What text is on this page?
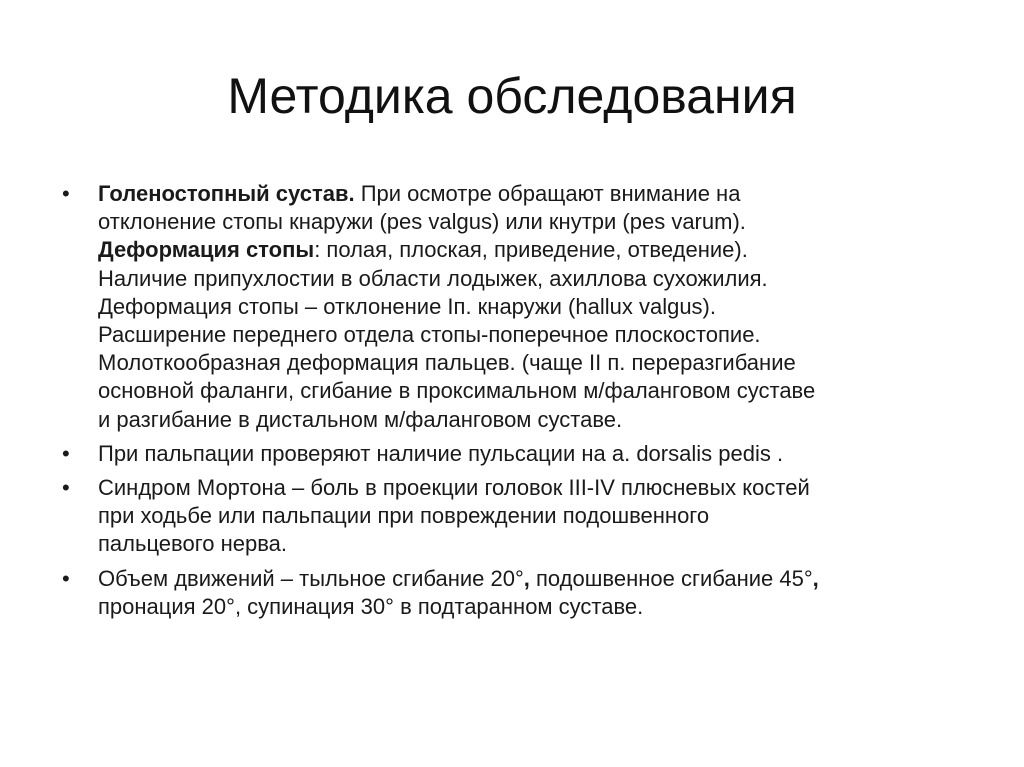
Методика обследования
• Голеностопный сустав. При осмотре обращают внимание на
отклонение стопы кнаружи (pes valgus) или кнутри (pes varum).
Деформация стопы: полая, плоская, приведение, отведение).
Наличие припухлостии в области лодыжек, ахиллова сухожилия.
Деформация стопы – отклонение Iп. кнаружи (hallux valgus).
Расширение переднего отдела стопы-поперечное плоскостопие.
Молоткообразная деформация пальцев. (чаще II п. переразгибание
основной фаланги, сгибание в проксимальном м/фаланговом суставе
и разгибание в дистальном м/фаланговом суставе.
• При пальпации проверяют наличие пульсации на a. dorsalis pedis .
• Синдром Мортона – боль в проекции головок III-IV плюсневых костей
при ходьбе или пальпации при повреждении подошвенного
пальцевого нерва.
• Объем движений – тыльное сгибание 20°, подошвенное сгибание 45°,
пронация 20°, супинация 30° в подтаранном суставе.
